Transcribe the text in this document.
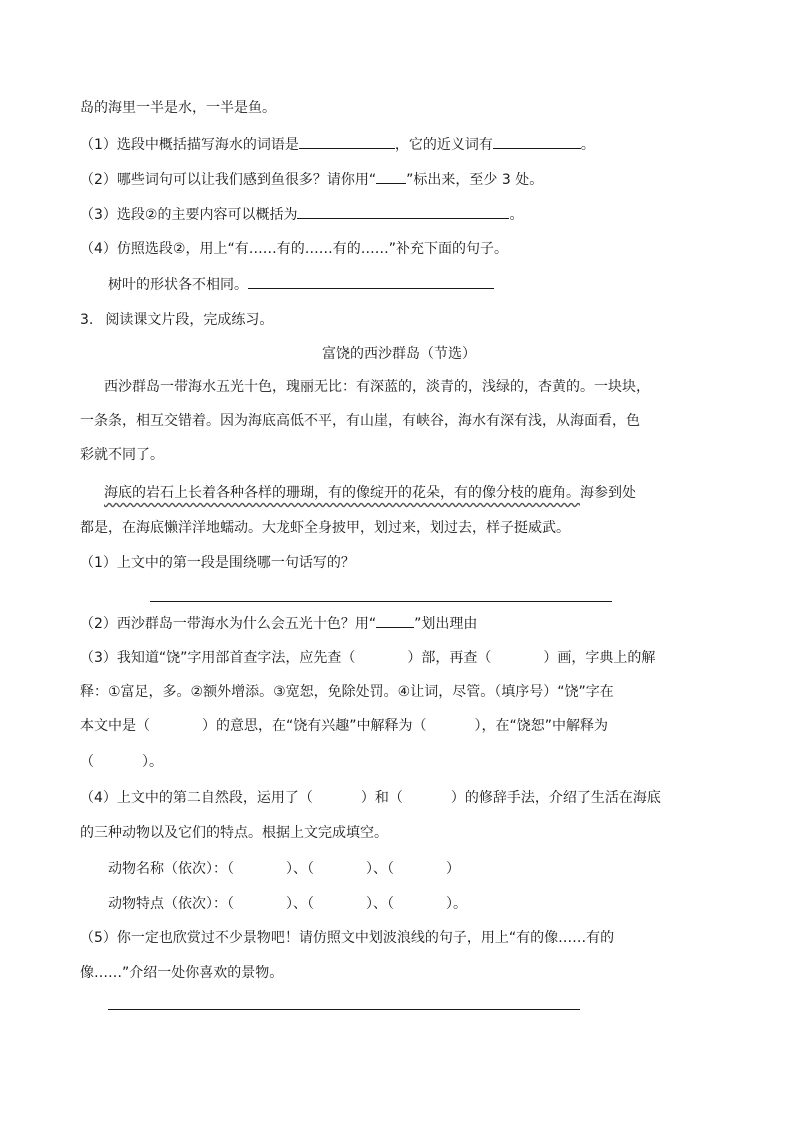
岛的海里一半是水，一半是鱼。
（1）选段中概括描写海水的词语是	，它的近义词有	。
（2）哪些词句可以让我们感到鱼很多？请你用“ ”标出来，至少 3 处。
（3）选段②的主要内容可以概括为	。
（4）仿照选段②，用上“有……有的……有的……”补充下面的句子。
树叶的形状各不相同。
3. 阅读课文片段，完成练习。
富饶的西沙群岛（节选）
西沙群岛一带海水五光十色，瑰丽无比：有深蓝的，淡青的，浅绿的，杏黄的。一块块，
一条条，相互交错着。因为海底高低不平，有山崖，有峡谷，海水有深有浅，从海面看，色
彩就不同了。
海底的岩石上长着各种各样的珊瑚，有的像绽开的花朵，有的像分枝的鹿角。海参到处
都是，在海底懒洋洋地蠕动。大龙虾全身披甲，划过来，划过去，样子挺威武。
（1）上文中的第一段是围绕哪一句话写的？
（2）西沙群岛一带海水为什么会五光十色？用“	”划出理由
（3）我知道“饶”字用部首查字法，应先查（	）部，再查（	）画，字典上的解
释：①富足，多。②额外增添。③宽恕，免除处罚。④让词，尽管。（填序号）“饶”字在
本文中是（	）的意思，在“饶有兴趣”中解释为（	），在“饶恕”中解释为
（	）。
（4）上文中的第二自然段，运用了（	）和（	）的修辞手法，介绍了生活在海底
的三种动物以及它们的特点。根据上文完成填空。
动物名称（依次）：（	）、（	）、（	）
动物特点（依次）：（	）、（	）、（	）。
（5）你一定也欣赏过不少景物吧！请仿照文中划波浪线的句子，用上“有的像……有的
像……”介绍一处你喜欢的景物。
